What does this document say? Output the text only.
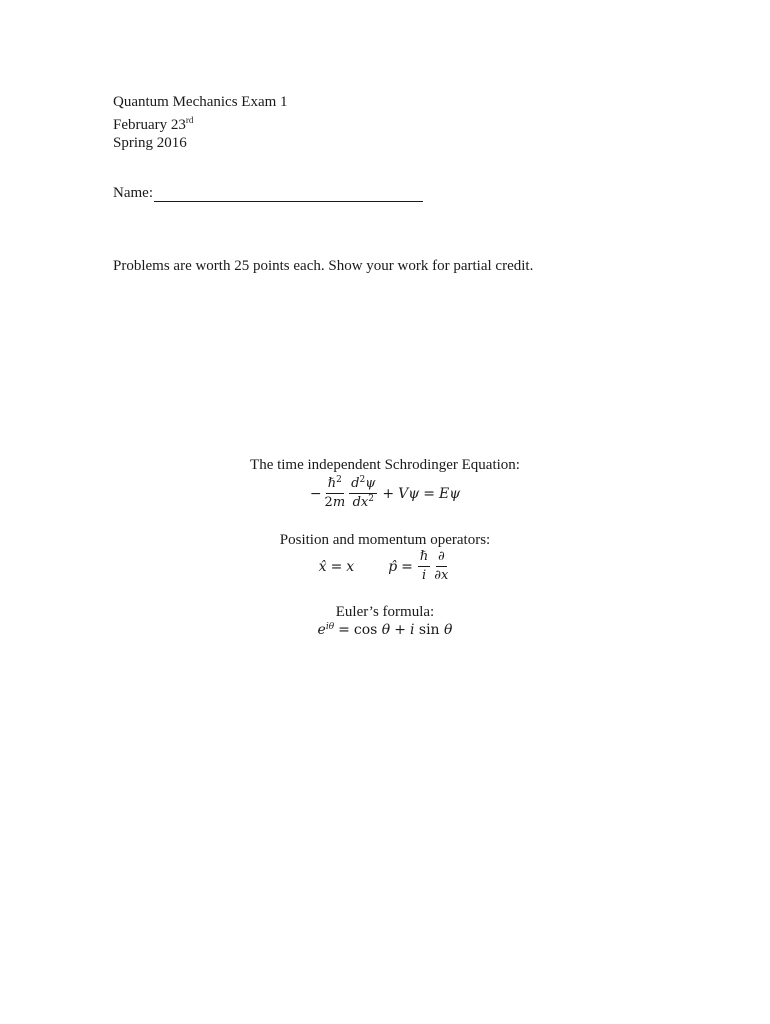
Quantum Mechanics Exam 1
February 23rd
Spring 2016
Name:
Problems are worth 25 points each. Show your work for partial credit.
The time independent Schrodinger Equation:
− $\frac{\hbar^2}{2m} \frac{d^2\psi}{dx^2} + V\psi = E\psi$
Position and momentum operators:
x̂ = x p̂ = $\frac{\text{ℏ}}{i} \frac{\partial}{\partial x}$
Euler’s formula:
$e^{i\theta} = \cos \theta + i$ sin θ
